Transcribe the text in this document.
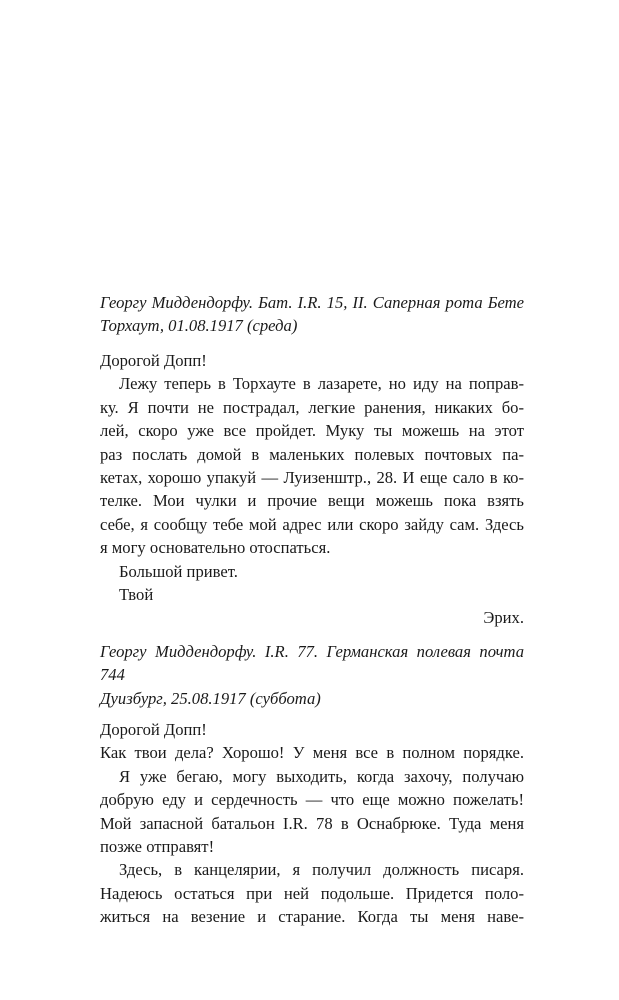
Георгу Миддендорфу. Бат. I.R. 15, II. Саперная рота Бете
Торхаут, 01.08.1917 (среда)
Дорогой Допп!
Лежу теперь в Торхауте в лазарете, но иду на поправ-
ку. Я почти не пострадал, легкие ранения, никаких бо-
лей, скоро уже все пройдет. Муку ты можешь на этот
раз послать домой в маленьких полевых почтовых па-
кетах, хорошо упакуй — Луизенштр., 28. И еще сало в ко-
телке. Мои чулки и прочие вещи можешь пока взять
себе, я сообщу тебе мой адрес или скоро зайду сам. Здесь
я могу основательно отоспаться.
Большой привет.
Твой
Эрих.
Георгу Миддендорфу. I.R. 77. Германская полевая почта
744
Дуизбург, 25.08.1917 (суббота)
Дорогой Допп!
Как твои дела? Хорошо! У меня все в полном порядке.
Я уже бегаю, могу выходить, когда захочу, получаю
добрую еду и сердечность — что еще можно пожелать!
Мой запасной батальон I.R. 78 в Оснабрюке. Туда меня
позже отправят!
Здесь, в канцелярии, я получил должность писаря.
Надеюсь остаться при ней подольше. Придется поло-
житься на везение и старание. Когда ты меня наве-
